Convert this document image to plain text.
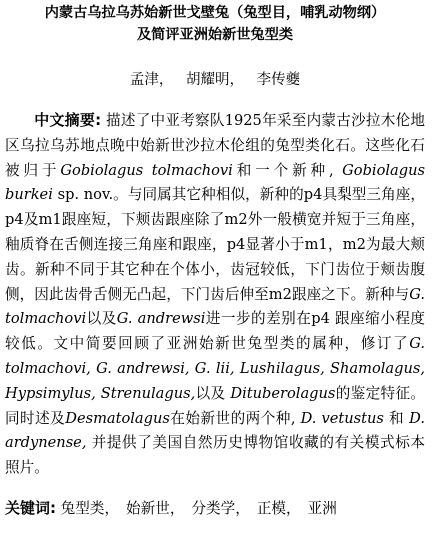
内蒙古乌拉乌苏始新世戈壁兔（兔型目，哺乳动物纲）
及简评亚洲始新世兔型类
孟津， 胡耀明， 李传夔

中文摘要: 描述了中亚考察队1925年采至内蒙古沙拉木伦地区乌拉乌苏地点晚中始新世沙拉木伦组的兔型类化石。这些化石被归于Gobiolagus tolmachovi和一个新种, Gobiolagus burkei sp. nov.。与同属其它种相似，新种的p4具梨型三角座，p4及m1跟座短，下颊齿跟座除了m2外一般横宽并短于三角座，釉质脊在舌侧连接三角座和跟座，p4显著小于m1，m2为最大颊齿。新种不同于其它种在个体小，齿冠较低，下门齿位于颊齿腹侧，因此齿骨舌侧无凸起，下门齿后伸至m2跟座之下。新种与G. tolmachovi以及G. andrewsi进一步的差别在p4 跟座缩小程度较低。文中简要回顾了亚洲始新世兔型类的属种，修订了G. tolmachovi, G. andrewsi, G. lii, Lushilagus, Shamolagus, Hypsimylus, Strenulagus,以及 Dituberolagus的鉴定特征。同时述及Desmatolagus在始新世的两个种, D. vetustus 和 D. ardynense, 并提供了美国自然历史博物馆收藏的有关模式标本照片。

关键词: 兔型类， 始新世， 分类学， 正模， 亚洲
